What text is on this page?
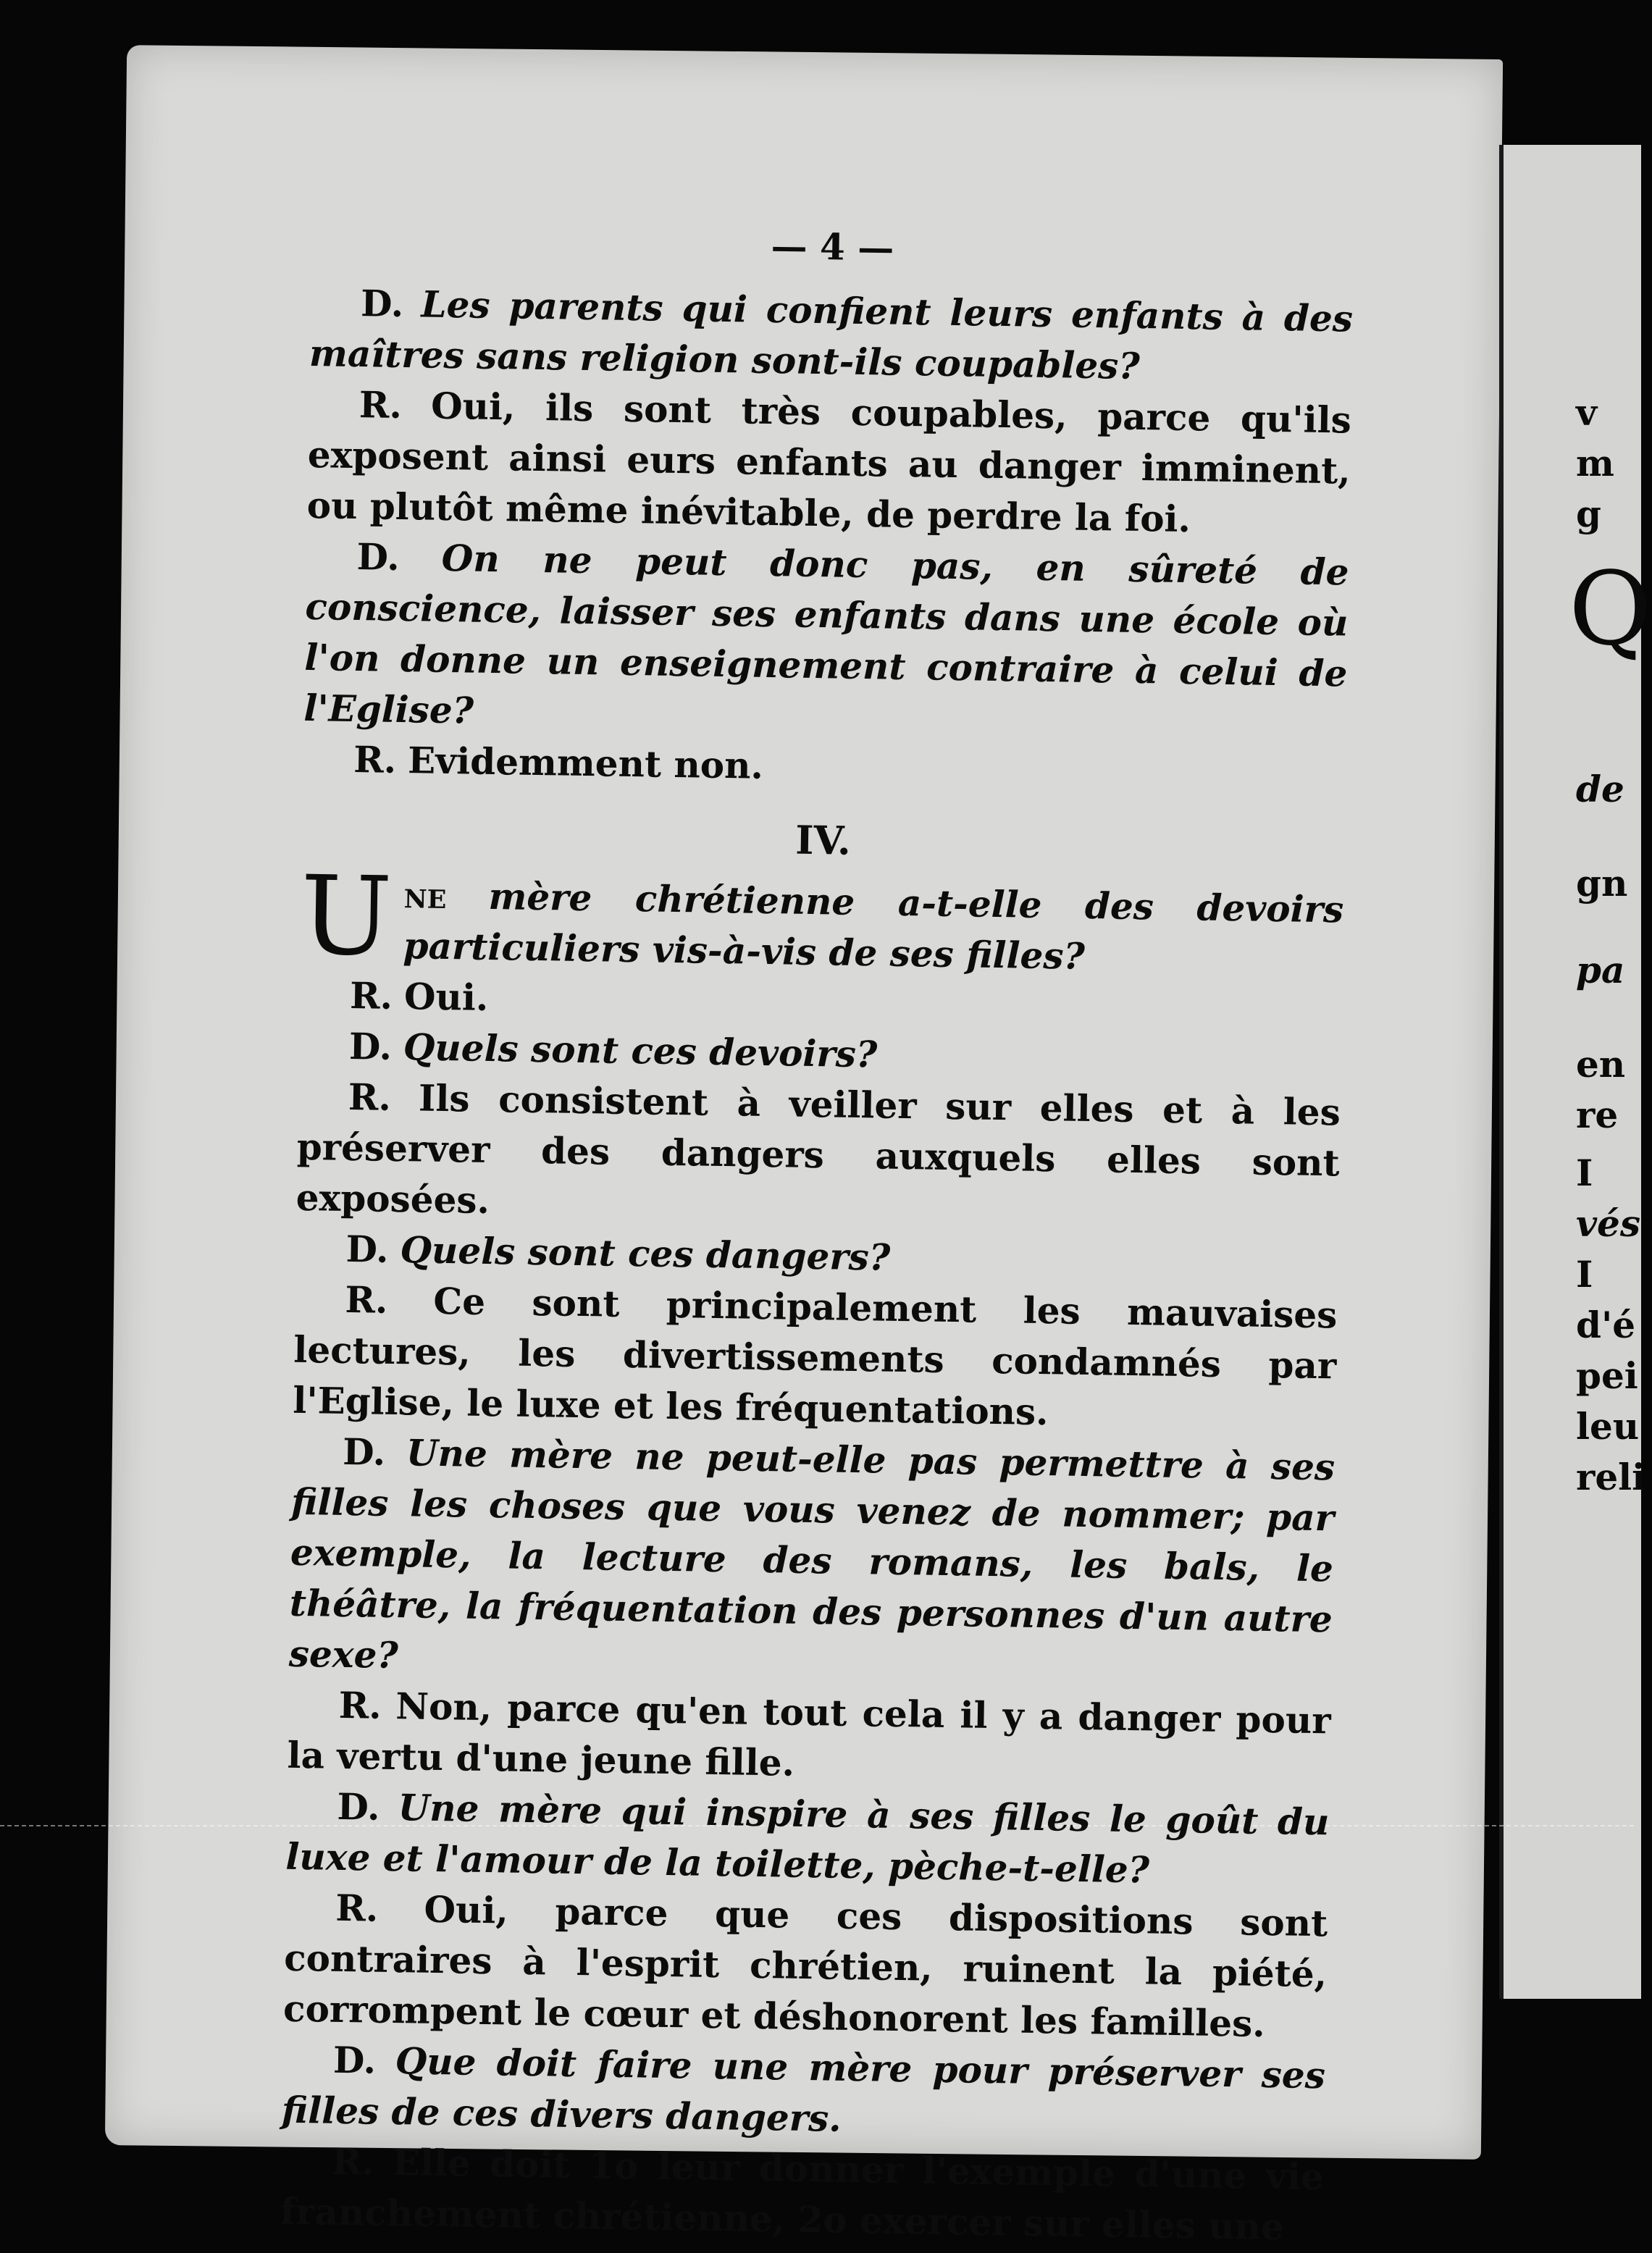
v
m
g
Q
de
gn
pa
en
re
I
vés
I
d'é
pei
leu
reli
— 4 —

D. Les parents qui confient leurs enfants à des maîtres sans religion sont-ils coupables?

R. Oui, ils sont très coupables, parce qu'ils exposent ainsi eurs enfants au danger imminent, ou plutôt même inévitable, de perdre la foi.

D. On ne peut donc pas, en sûreté de conscience, laisser ses enfants dans une école où l'on donne un enseignement contraire à celui de l'Eglise?

R. Evidemment non.

IV.

Une mère chrétienne a-t-elle des devoirs particuliers vis-à-vis de ses filles?

R. Oui.

D. Quels sont ces devoirs?

R. Ils consistent à veiller sur elles et à les préserver des dangers auxquels elles sont exposées.

D. Quels sont ces dangers?

R. Ce sont principalement les mauvaises lectures, les divertissements condamnés par l'Eglise, le luxe et les fréquentations.

D. Une mère ne peut-elle pas permettre à ses filles les choses que vous venez de nommer; par exemple, la lecture des romans, les bals, le théâtre, la fréquentation des personnes d'un autre sexe?

R. Non, parce qu'en tout cela il y a danger pour la vertu d'une jeune fille.

D. Une mère qui inspire à ses filles le goût du luxe et l'amour de la toilette, pèche-t-elle?

R. Oui, parce que ces dispositions sont contraires à l'esprit chrétien, ruinent la piété, corrompent le cœur et déshonorent les familles.

D. Que doit faire une mère pour préserver ses filles de ces divers dangers.

R. Elle doit 1o leur donner l'exemple d'une vie franchement chrétienne, 2o exercer sur elles une
